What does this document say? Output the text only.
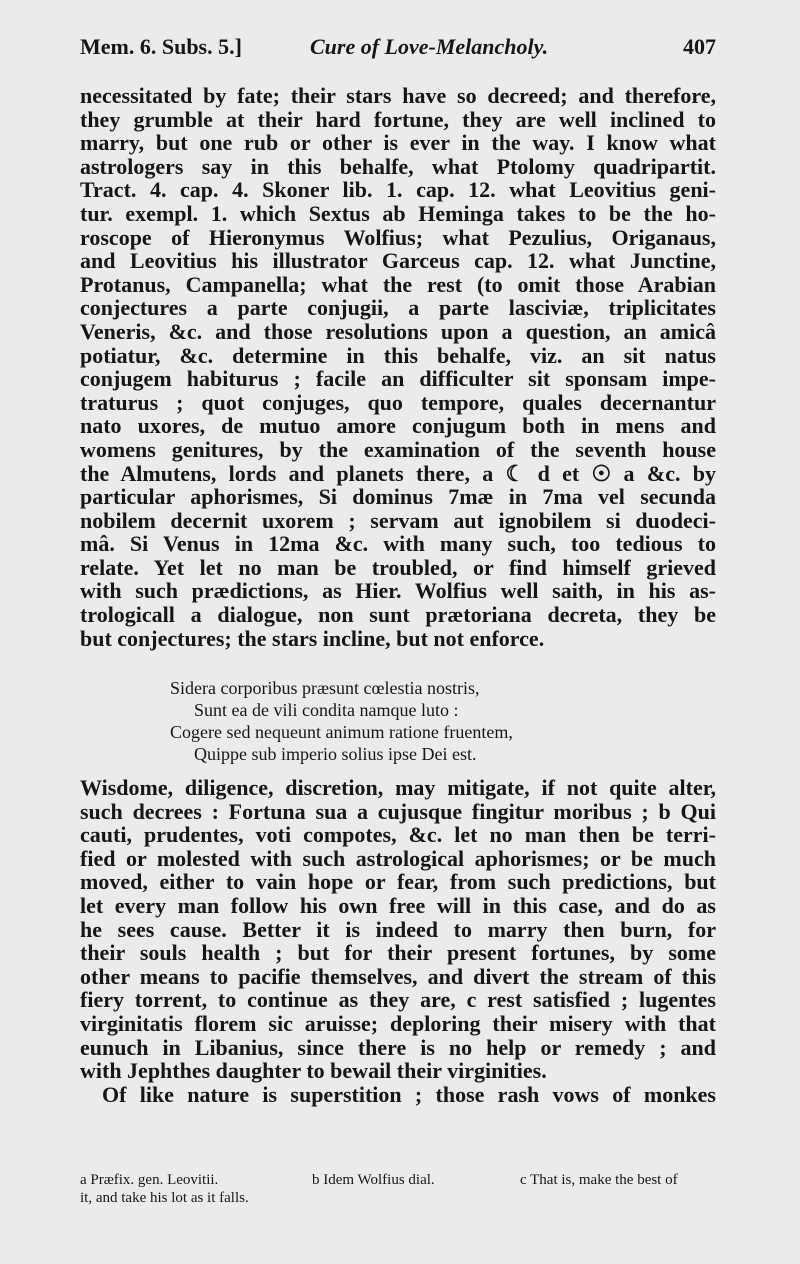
Mem. 6. Subs. 5.]	Cure of Love-Melancholy.	407
necessitated by fate; their stars have so decreed; and therefore,
they grumble at their hard fortune, they are well inclined to
marry, but one rub or other is ever in the way. I know what
astrologers say in this behalfe, what Ptolomy quadripartit.
Tract. 4. cap. 4. Skoner lib. 1. cap. 12. what Leovitius geni-
tur. exempl. 1. which Sextus ab Heminga takes to be the ho-
roscope of Hieronymus Wolfius; what Pezulius, Origanaus,
and Leovitius his illustrator Garceus cap. 12. what Junctine,
Protanus, Campanella; what the rest (to omit those Arabian
conjectures a parte conjugii, a parte lasciviæ, triplicitates
Veneris, &c. and those resolutions upon a question, an amicâ
potiatur, &c. determine in this behalfe, viz. an sit natus
conjugem habiturus ; facile an difficulter sit sponsam impe-
traturus ; quot conjuges, quo tempore, quales decernantur
nato uxores, de mutuo amore conjugum both in mens and
womens genitures, by the examination of the seventh house
the Almutens, lords and planets there, a ☾ d et ☉ a &c. by
particular aphorismes, Si dominus 7mæ in 7ma vel secunda
nobilem decernit uxorem ; servam aut ignobilem si duodeci-
mâ. Si Venus in 12ma &c. with many such, too tedious to
relate. Yet let no man be troubled, or find himself grieved
with such prædictions, as Hier. Wolfius well saith, in his as-
trologicall a dialogue, non sunt prætoriana decreta, they be
but conjectures; the stars incline, but not enforce.
Sidera corporibus præsunt cœlestia nostris,
Sunt ea de vili condita namque luto :
Cogere sed nequeunt animum ratione fruentem,
Quippe sub imperio solius ipse Dei est.
Wisdome, diligence, discretion, may mitigate, if not quite alter,
such decrees : Fortuna sua a cujusque fingitur moribus ; b Qui
cauti, prudentes, voti compotes, &c. let no man then be terri-
fied or molested with such astrological aphorismes; or be much
moved, either to vain hope or fear, from such predictions, but
let every man follow his own free will in this case, and do as
he sees cause. Better it is indeed to marry then burn, for
their souls health ; but for their present fortunes, by some
other means to pacifie themselves, and divert the stream of this
fiery torrent, to continue as they are, c rest satisfied ; lugentes
virginitatis florem sic aruisse; deploring their misery with that
eunuch in Libanius, since there is no help or remedy ; and
with Jephthes daughter to bewail their virginities.
Of like nature is superstition ; those rash vows of monkes
a Præfix. gen. Leovitii.	b Idem Wolfius dial.	c That is, make the best of
it, and take his lot as it falls.
